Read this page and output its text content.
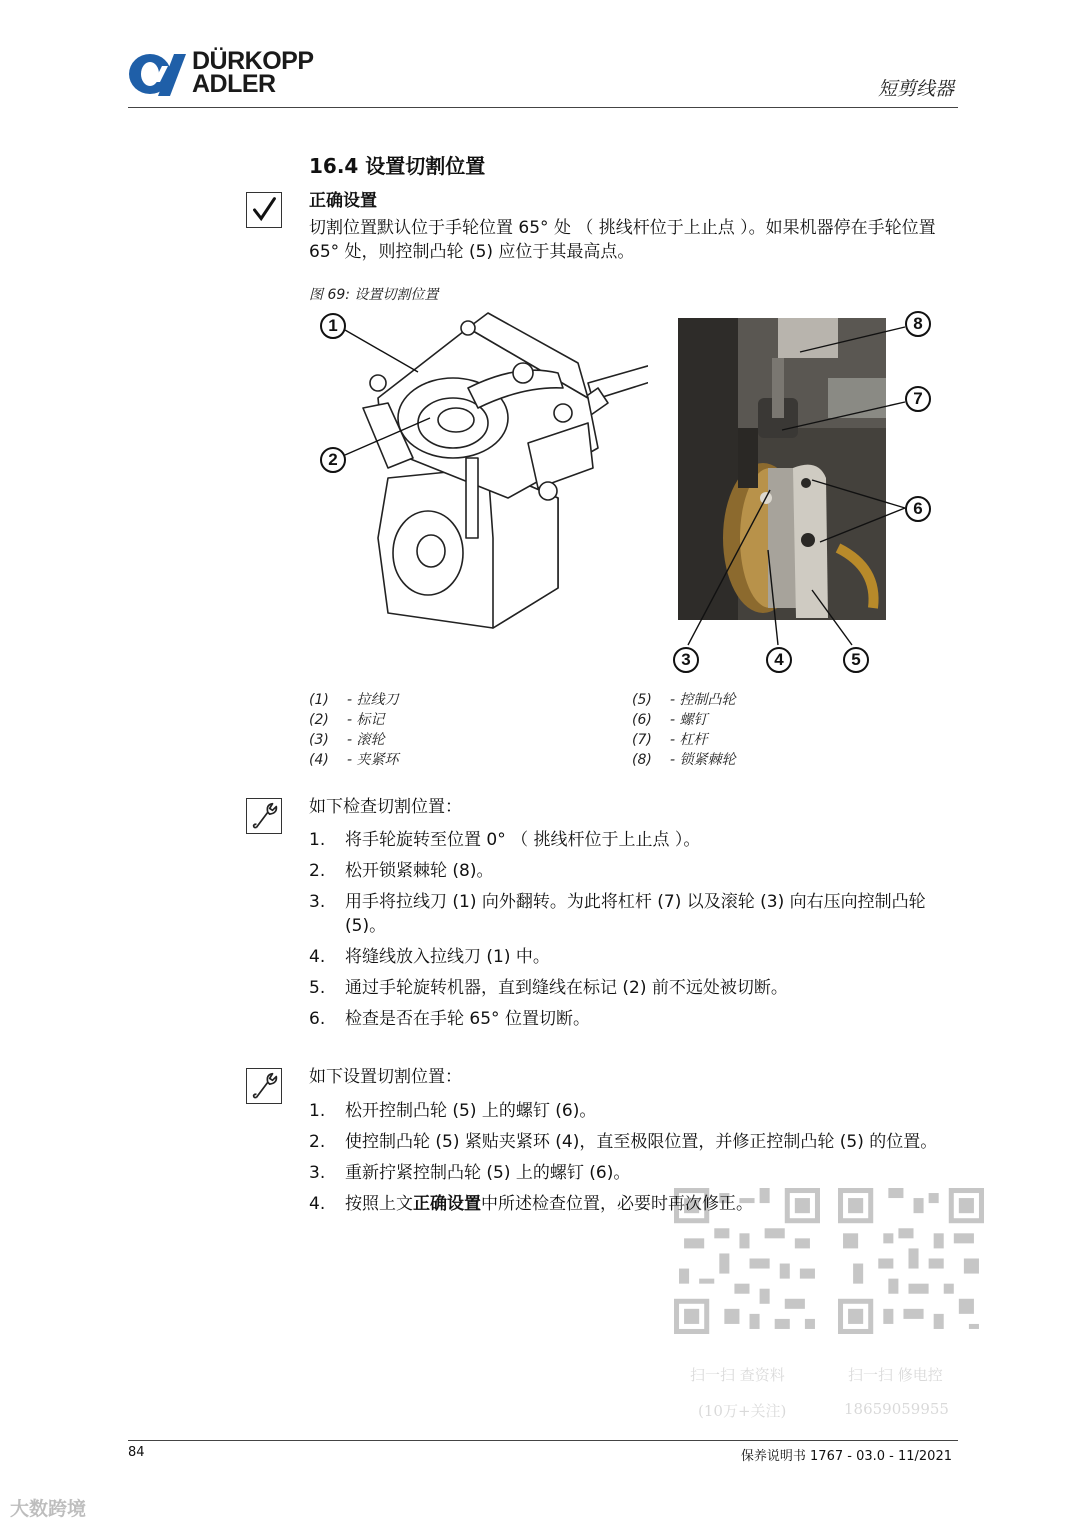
DÜRKOPP
ADLER	短剪线器
16.4 设置切割位置
正确设置
切割位置默认位于手轮位置 65° 处 （ 挑线杆位于上止点 ）。如果机器停在手轮位置 65° 处，则控制凸轮 (5) 应位于其最高点。
图 69: 设置切割位置
1
2
3	4	5
6
7
8
(1)	- 拉线刀
(2)	- 标记
(3)	- 滚轮
(4)	- 夹紧环
(5)	- 控制凸轮
(6)	- 螺钉
(7)	- 杠杆
(8)	- 锁紧棘轮
如下检查切割位置：
1.	将手轮旋转至位置 0° （ 挑线杆位于上止点 ）。
2.	松开锁紧棘轮 (8)。
3.	用手将拉线刀 (1) 向外翻转。为此将杠杆 (7) 以及滚轮 (3) 向右压向控制凸轮 (5)。
4.	将缝线放入拉线刀 (1) 中。
5.	通过手轮旋转机器，直到缝线在标记 (2) 前不远处被切断。
6.	检查是否在手轮 65° 位置切断。
如下设置切割位置：
1.	松开控制凸轮 (5) 上的螺钉 (6)。
2.	使控制凸轮 (5) 紧贴夹紧环 (4)，直至极限位置，并修正控制凸轮 (5) 的位置。
3.	重新拧紧控制凸轮 (5) 上的螺钉 (6)。
4.	按照上文正确设置中所述检查位置，必要时再次修正。
扫一扫 查资料
(10万+关注)
扫一扫 修电控
18659059955
84	保养说明书 1767 - 03.0 - 11/2021
大数跨境
